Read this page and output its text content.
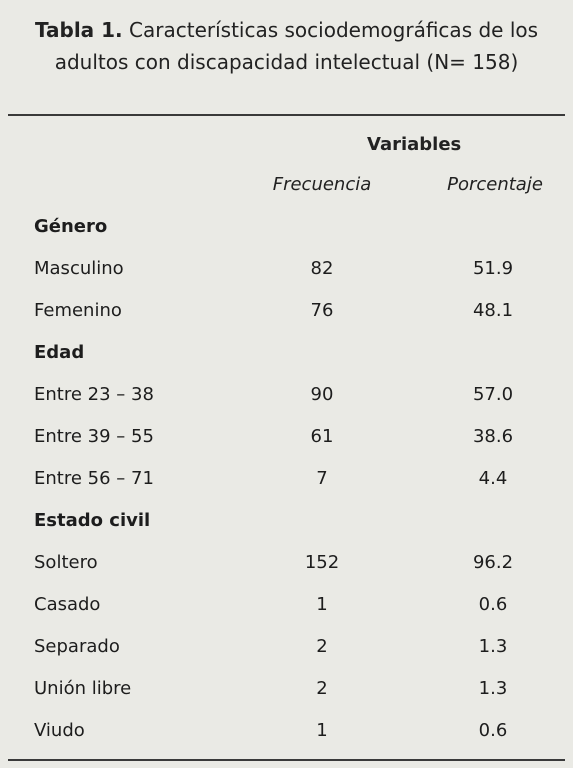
Tabla 1. Características sociodemográficas de los
adultos con discapacidad intelectual (N= 158)
Variables
Frecuencia	Porcentaje
Género
Masculino	82	51.9
Femenino	76	48.1
Edad
Entre 23 – 38	90	57.0
Entre 39 – 55	61	38.6
Entre 56 – 71	7	4.4
Estado civil
Soltero	152	96.2
Casado	1	0.6
Separado	2	1.3
Unión libre	2	1.3
Viudo	1	0.6
